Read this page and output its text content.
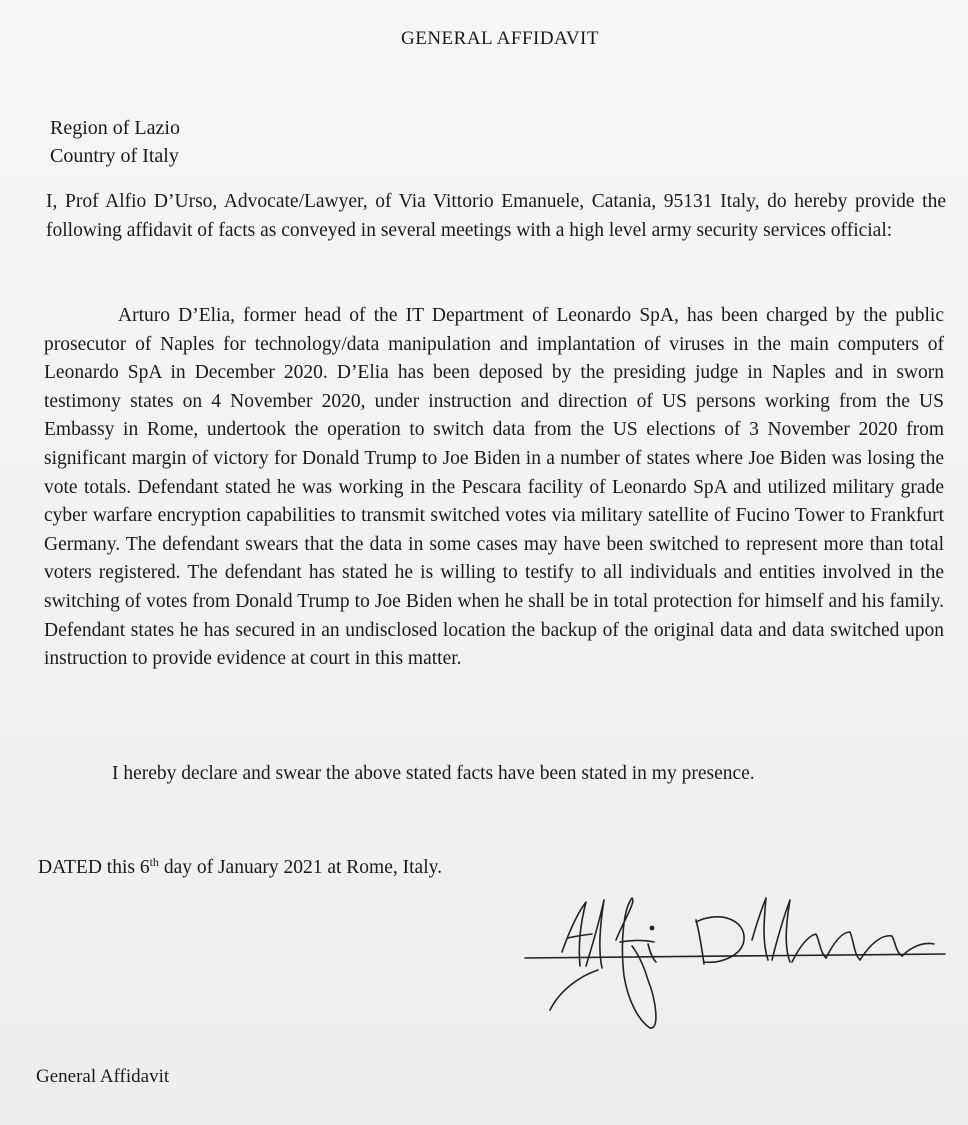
GENERAL AFFIDAVIT
Region of Lazio
Country of Italy
I, Prof Alfio D’Urso, Advocate/Lawyer, of Via Vittorio Emanuele, Catania, 95131 Italy, do hereby provide the following affidavit of facts as conveyed in several meetings with a high level army security services official:
Arturo D’Elia, former head of the IT Department of Leonardo SpA, has been charged by the public prosecutor of Naples for technology/data manipulation and implantation of viruses in the main computers of Leonardo SpA in December 2020. D’Elia has been deposed by the presiding judge in Naples and in sworn testimony states on 4 November 2020, under instruction and direction of US persons working from the US Embassy in Rome, undertook the operation to switch data from the US elections of 3 November 2020 from significant margin of victory for Donald Trump to Joe Biden in a number of states where Joe Biden was losing the vote totals. Defendant stated he was working in the Pescara facility of Leonardo SpA and utilized military grade cyber warfare encryption capabilities to transmit switched votes via military satellite of Fucino Tower to Frankfurt Germany. The defendant swears that the data in some cases may have been switched to represent more than total voters registered. The defendant has stated he is willing to testify to all individuals and entities involved in the switching of votes from Donald Trump to Joe Biden when he shall be in total protection for himself and his family. Defendant states he has secured in an undisclosed location the backup of the original data and data switched upon instruction to provide evidence at court in this matter.
I hereby declare and swear the above stated facts have been stated in my presence.
DATED this 6th day of January 2021 at Rome, Italy.
General Affidavit
